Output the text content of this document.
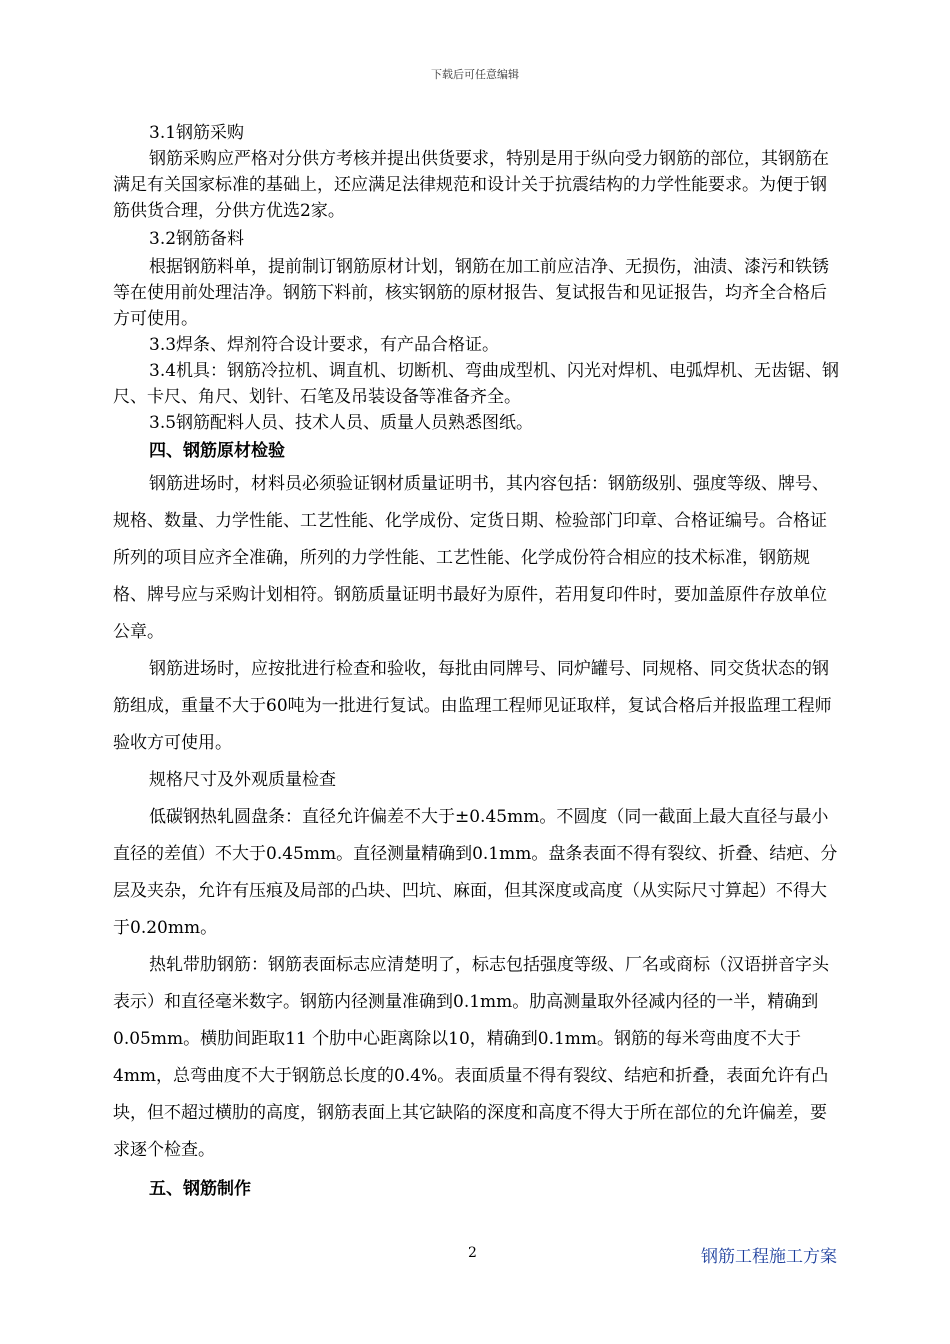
下载后可任意编辑

3.1钢筋采购

钢筋采购应严格对分供方考核并提出供货要求，特别是用于纵向受力钢筋的部位，其钢筋在满足有关国家标准的基础上，还应满足法律规范和设计关于抗震结构的力学性能要求。为便于钢筋供货合理，分供方优选2家。

3.2钢筋备料

根据钢筋料单，提前制订钢筋原材计划，钢筋在加工前应洁净、无损伤，油渍、漆污和铁锈等在使用前处理洁净。钢筋下料前，核实钢筋的原材报告、复试报告和见证报告，均齐全合格后方可使用。

3.3焊条、焊剂符合设计要求，有产品合格证。

3.4机具：钢筋冷拉机、调直机、切断机、弯曲成型机、闪光对焊机、电弧焊机、无齿锯、钢尺、卡尺、角尺、划针、石笔及吊装设备等准备齐全。

3.5钢筋配料人员、技术人员、质量人员熟悉图纸。

四、钢筋原材检验

钢筋进场时，材料员必须验证钢材质量证明书，其内容包括：钢筋级别、强度等级、牌号、规格、数量、力学性能、工艺性能、化学成份、定货日期、检验部门印章、合格证编号。合格证所列的项目应齐全准确，所列的力学性能、工艺性能、化学成份符合相应的技术标准，钢筋规格、牌号应与采购计划相符。钢筋质量证明书最好为原件，若用复印件时，要加盖原件存放单位公章。

钢筋进场时，应按批进行检查和验收，每批由同牌号、同炉罐号、同规格、同交货状态的钢筋组成，重量不大于60吨为一批进行复试。由监理工程师见证取样，复试合格后并报监理工程师验收方可使用。

规格尺寸及外观质量检查

低碳钢热轧圆盘条：直径允许偏差不大于±0.45mm。不圆度（同一截面上最大直径与最小直径的差值）不大于0.45mm。直径测量精确到0.1mm。盘条表面不得有裂纹、折叠、结疤、分层及夹杂，允许有压痕及局部的凸块、凹坑、麻面，但其深度或高度（从实际尺寸算起）不得大于0.20mm。

热轧带肋钢筋：钢筋表面标志应清楚明了，标志包括强度等级、厂名或商标（汉语拼音字头表示）和直径毫米数字。钢筋内径测量准确到0.1mm。肋高测量取外径减内径的一半，精确到0.05mm。横肋间距取11 个肋中心距离除以10，精确到0.1mm。钢筋的每米弯曲度不大于4mm，总弯曲度不大于钢筋总长度的0.4%。表面质量不得有裂纹、结疤和折叠，表面允许有凸块，但不超过横肋的高度，钢筋表面上其它缺陷的深度和高度不得大于所在部位的允许偏差，要求逐个检查。

五、钢筋制作

2	钢筋工程施工方案
